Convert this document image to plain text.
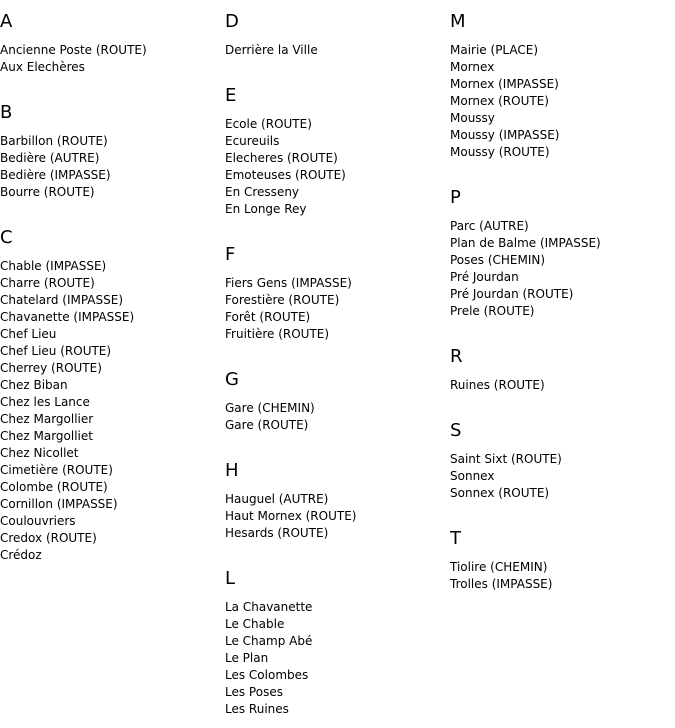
A
Ancienne Poste (ROUTE)
Aux Elechères
B
Barbillon (ROUTE)
Bedière (AUTRE)
Bedière (IMPASSE)
Bourre (ROUTE)
C
Chable (IMPASSE)
Charre (ROUTE)
Chatelard (IMPASSE)
Chavanette (IMPASSE)
Chef Lieu
Chef Lieu (ROUTE)
Cherrey (ROUTE)
Chez Biban
Chez les Lance
Chez Margollier
Chez Margolliet
Chez Nicollet
Cimetière (ROUTE)
Colombe (ROUTE)
Cornillon (IMPASSE)
Coulouvriers
Credox (ROUTE)
Crédoz
D
Derrière la Ville
E
Ecole (ROUTE)
Ecureuils
Elecheres (ROUTE)
Emoteuses (ROUTE)
En Cresseny
En Longe Rey
F
Fiers Gens (IMPASSE)
Forestière (ROUTE)
Forêt (ROUTE)
Fruitière (ROUTE)
G
Gare (CHEMIN)
Gare (ROUTE)
H
Hauguel (AUTRE)
Haut Mornex (ROUTE)
Hesards (ROUTE)
L
La Chavanette
Le Chable
Le Champ Abé
Le Plan
Les Colombes
Les Poses
Les Ruines
M
Mairie (PLACE)
Mornex
Mornex (IMPASSE)
Mornex (ROUTE)
Moussy
Moussy (IMPASSE)
Moussy (ROUTE)
P
Parc (AUTRE)
Plan de Balme (IMPASSE)
Poses (CHEMIN)
Pré Jourdan
Pré Jourdan (ROUTE)
Prele (ROUTE)
R
Ruines (ROUTE)
S
Saint Sixt (ROUTE)
Sonnex
Sonnex (ROUTE)
T
Tiolire (CHEMIN)
Trolles (IMPASSE)
